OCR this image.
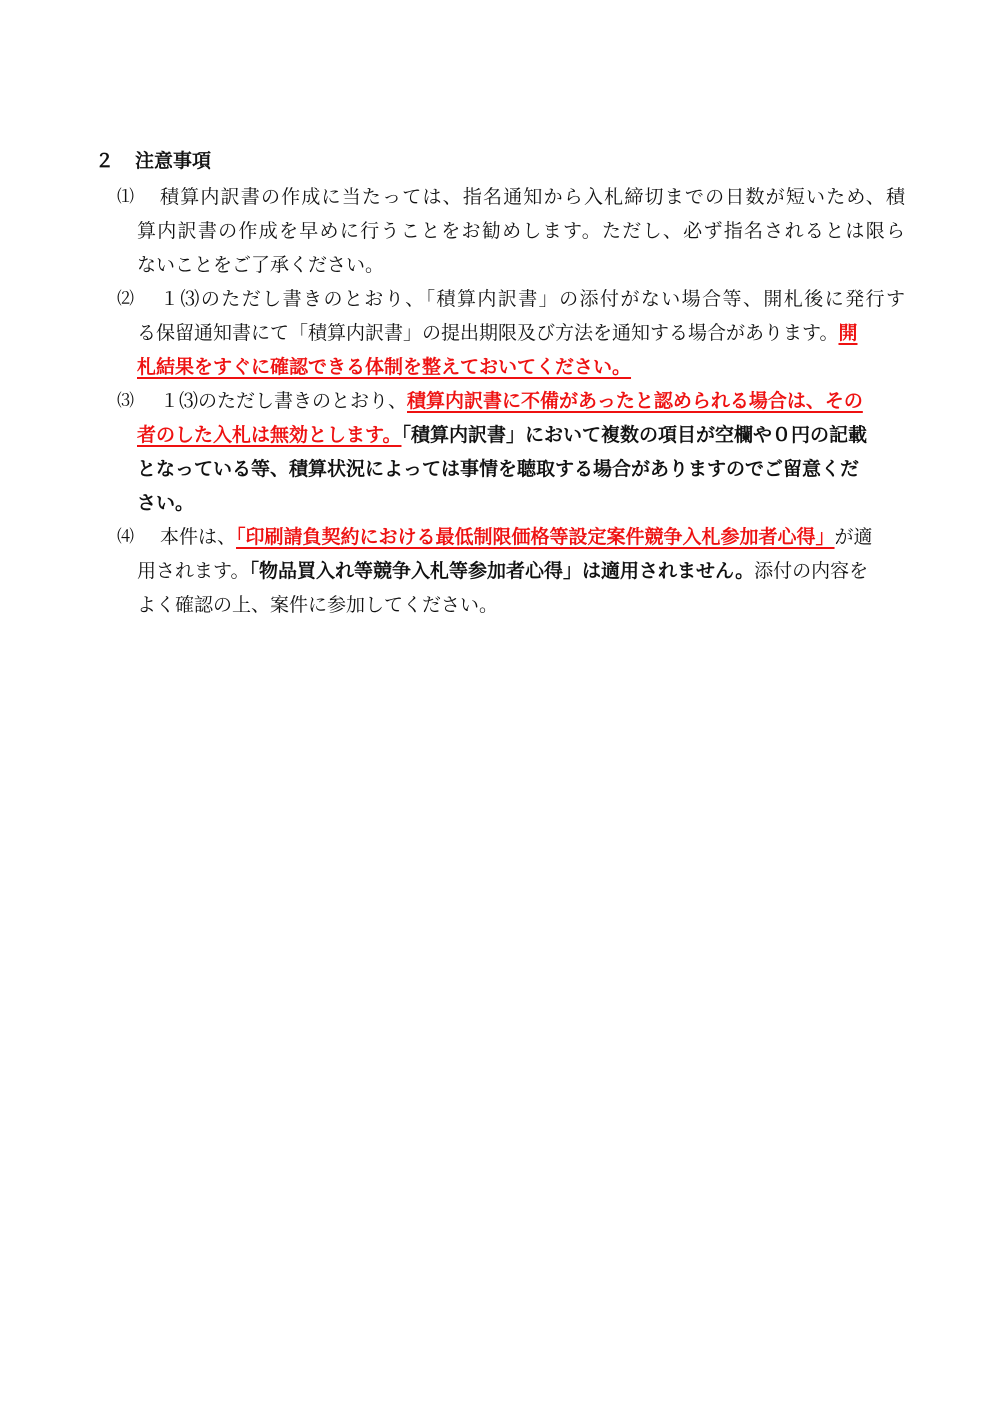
２ 注意事項
⑴ 積算内訳書の作成に当たっては、指名通知から入札締切までの日数が短いため、積
算内訳書の作成を早めに行うことをお勧めします。ただし、必ず指名されるとは限ら
ないことをご了承ください。
⑵ １⑶のただし書きのとおり、「積算内訳書」の添付がない場合等、開札後に発行す
る保留通知書にて「積算内訳書」の提出期限及び方法を通知する場合があります。開
札結果をすぐに確認できる体制を整えておいてください。
⑶ １⑶のただし書きのとおり、積算内訳書に不備があったと認められる場合は、その
者のした入札は無効とします。「積算内訳書」において複数の項目が空欄や０円の記載
となっている等、積算状況によっては事情を聴取する場合がありますのでご留意くだ
さい。
⑷ 本件は、「印刷請負契約における最低制限価格等設定案件競争入札参加者心得」が適
用されます。「物品買入れ等競争入札等参加者心得」は適用されません。添付の内容を
よく確認の上、案件に参加してください。
